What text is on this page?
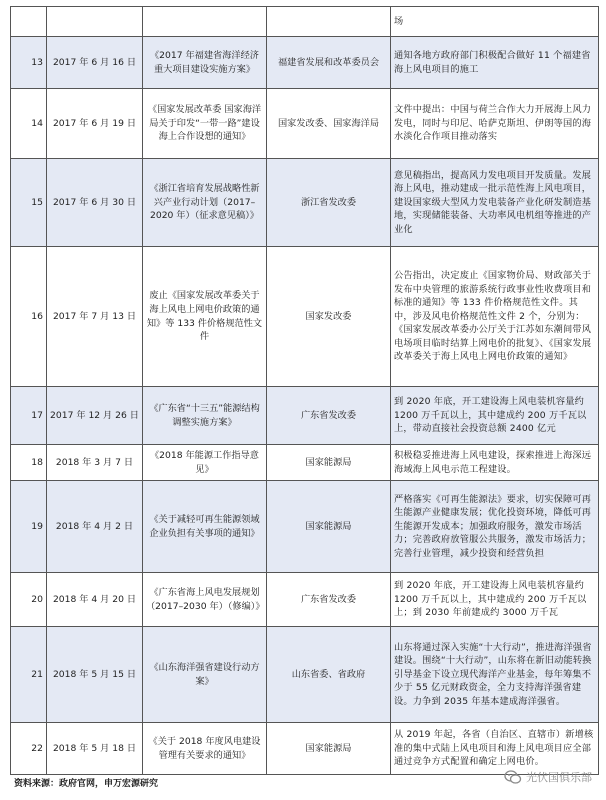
				场
13	2017 年 6 月 16 日	《2017 年福建省海洋经济重大项目建设实施方案》	福建省发展和改革委员会	通知各地方政府部门积极配合做好 11 个福建省海上风电项目的施工
14	2017 年 6 月 19 日	《国家发展改革委 国家海洋局关于印发“一带一路”建设海上合作设想的通知》	国家发改委、国家海洋局	文件中提出：中国与荷兰合作大力开展海上风力发电，同时与印尼、哈萨克斯坦、伊朗等国的海水淡化合作项目推动落实
15	2017 年 6 月 30 日	《浙江省培育发展战略性新兴产业行动计划（2017–2020 年）（征求意见稿）》	浙江省发改委	意见稿指出，提高风力发电项目开发质量。发展海上风电，推动建成一批示范性海上风电项目，建设国家级大型风力发电装备产业化研发制造基地，实现储能装备、大功率风电机组等推进的产业化
16	2017 年 7 月 13 日	废止《国家发展改革委关于海上风电上网电价政策的通知》等 133 件价格规范性文件	国家发改委	公告指出，决定废止《国家物价局、财政部关于发布中央管理的旅游系统行政事业性收费项目和标准的通知》等 133 件价格规范性文件。其中，涉及风电价格规范性文件 2 个，分别为：《国家发展改革委办公厅关于江苏如东潮间带风电场项目临时结算上网电价的批复》、《国家发展改革委关于海上风电上网电价政策的通知》
17	2017 年 12 月 26 日	《广东省“十三五”能源结构调整实施方案》	广东省发改委	到 2020 年底，开工建设海上风电装机容量约 1200 万千瓦以上，其中建成约 200 万千瓦以上，带动直接社会投资总额 2400 亿元
18	2018 年 3 月 7 日	《2018 年能源工作指导意见》	国家能源局	积极稳妥推进海上风电建设，探索推进上海深远海域海上风电示范工程建设。
19	2018 年 4 月 2 日	《关于减轻可再生能源领域企业负担有关事项的通知》	国家能源局	严格落实《可再生能源法》要求，切实保障可再生能源产业健康发展；优化投资环境，降低可再生能源开发成本；加强政府服务，激发市场活力；完善政府放管服公共服务，激发市场活力；完善行业管理，减少投资和经营负担
20	2018 年 4 月 20 日	《广东省海上风电发展规划（2017–2030 年）（修编）》	广东省发改委	到 2020 年底，开工建设海上风电装机容量约 1200 万千瓦以上，其中建成约 200 万千瓦以上；到 2030 年前建成约 3000 万千瓦
21	2018 年 5 月 15 日	《山东海洋强省建设行动方案》	山东省委、省政府	山东将通过深入实施“十大行动”，推进海洋强省建设。围绕“十大行动”，山东将在新旧动能转换引导基金下设立现代海洋产业基金，每年筹集不少于 55 亿元财政资金，全力支持海洋强省建设。力争到 2035 年基本建成海洋强省。
22	2018 年 5 月 18 日	《关于 2018 年度风电建设管理有关要求的通知》	国家能源局	从 2019 年起，各省（自治区、直辖市）新增核准的集中式陆上风电项目和海上风电项目应全部通过竞争方式配置和确定上网电价。
资料来源：政府官网，申万宏源研究	光伏国俱乐部
